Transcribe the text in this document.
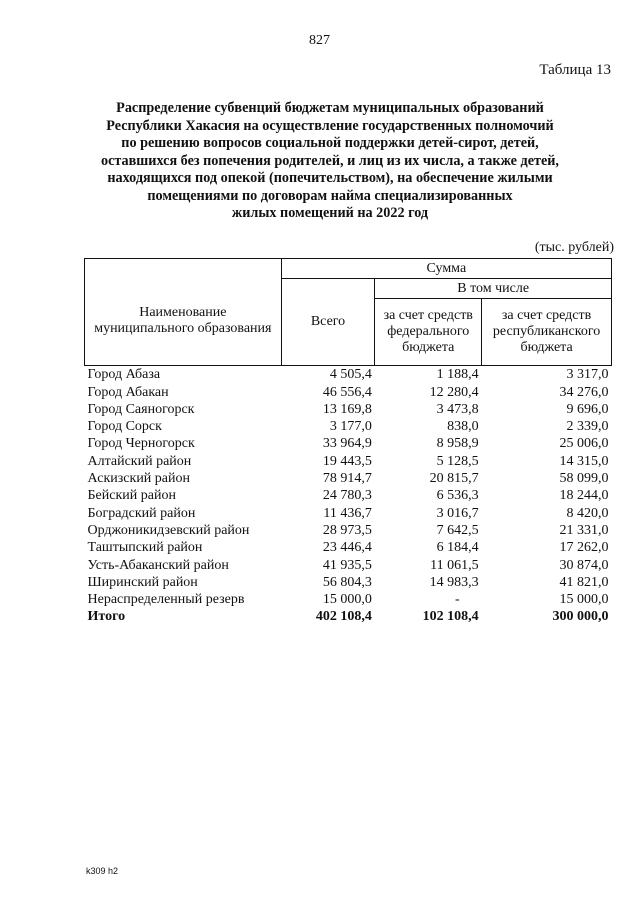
827
Таблица 13
Распределение субвенций бюджетам муниципальных образований
Республики Хакасия на осуществление государственных полномочий
по решению вопросов социальной поддержки детей-сирот, детей,
оставшихся без попечения родителей, и лиц из их числа, а также детей,
находящихся под опекой (попечительством), на обеспечение жилыми
помещениями по договорам найма специализированных
жилых помещений на 2022 год
(тыс. рублей)
Наименование муниципального образования	Сумма		
	Всего	В том числе	
		за счет средств федерального бюджета	за счет средств республиканского бюджета
Город Абаза	4 505,4	1 188,4	3 317,0
Город Абакан	46 556,4	12 280,4	34 276,0
Город Саяногорск	13 169,8	3 473,8	9 696,0
Город Сорск	3 177,0	838,0	2 339,0
Город Черногорск	33 964,9	8 958,9	25 006,0
Алтайский район	19 443,5	5 128,5	14 315,0
Аскизский район	78 914,7	20 815,7	58 099,0
Бейский район	24 780,3	6 536,3	18 244,0
Боградский район	11 436,7	3 016,7	8 420,0
Орджоникидзевский район	28 973,5	7 642,5	21 331,0
Таштыпский район	23 446,4	6 184,4	17 262,0
Усть-Абаканский район	41 935,5	11 061,5	30 874,0
Ширинский район	56 804,3	14 983,3	41 821,0
Нераспределенный резерв	15 000,0	-	15 000,0
Итого	402 108,4	102 108,4	300 000,0
k309 h2
